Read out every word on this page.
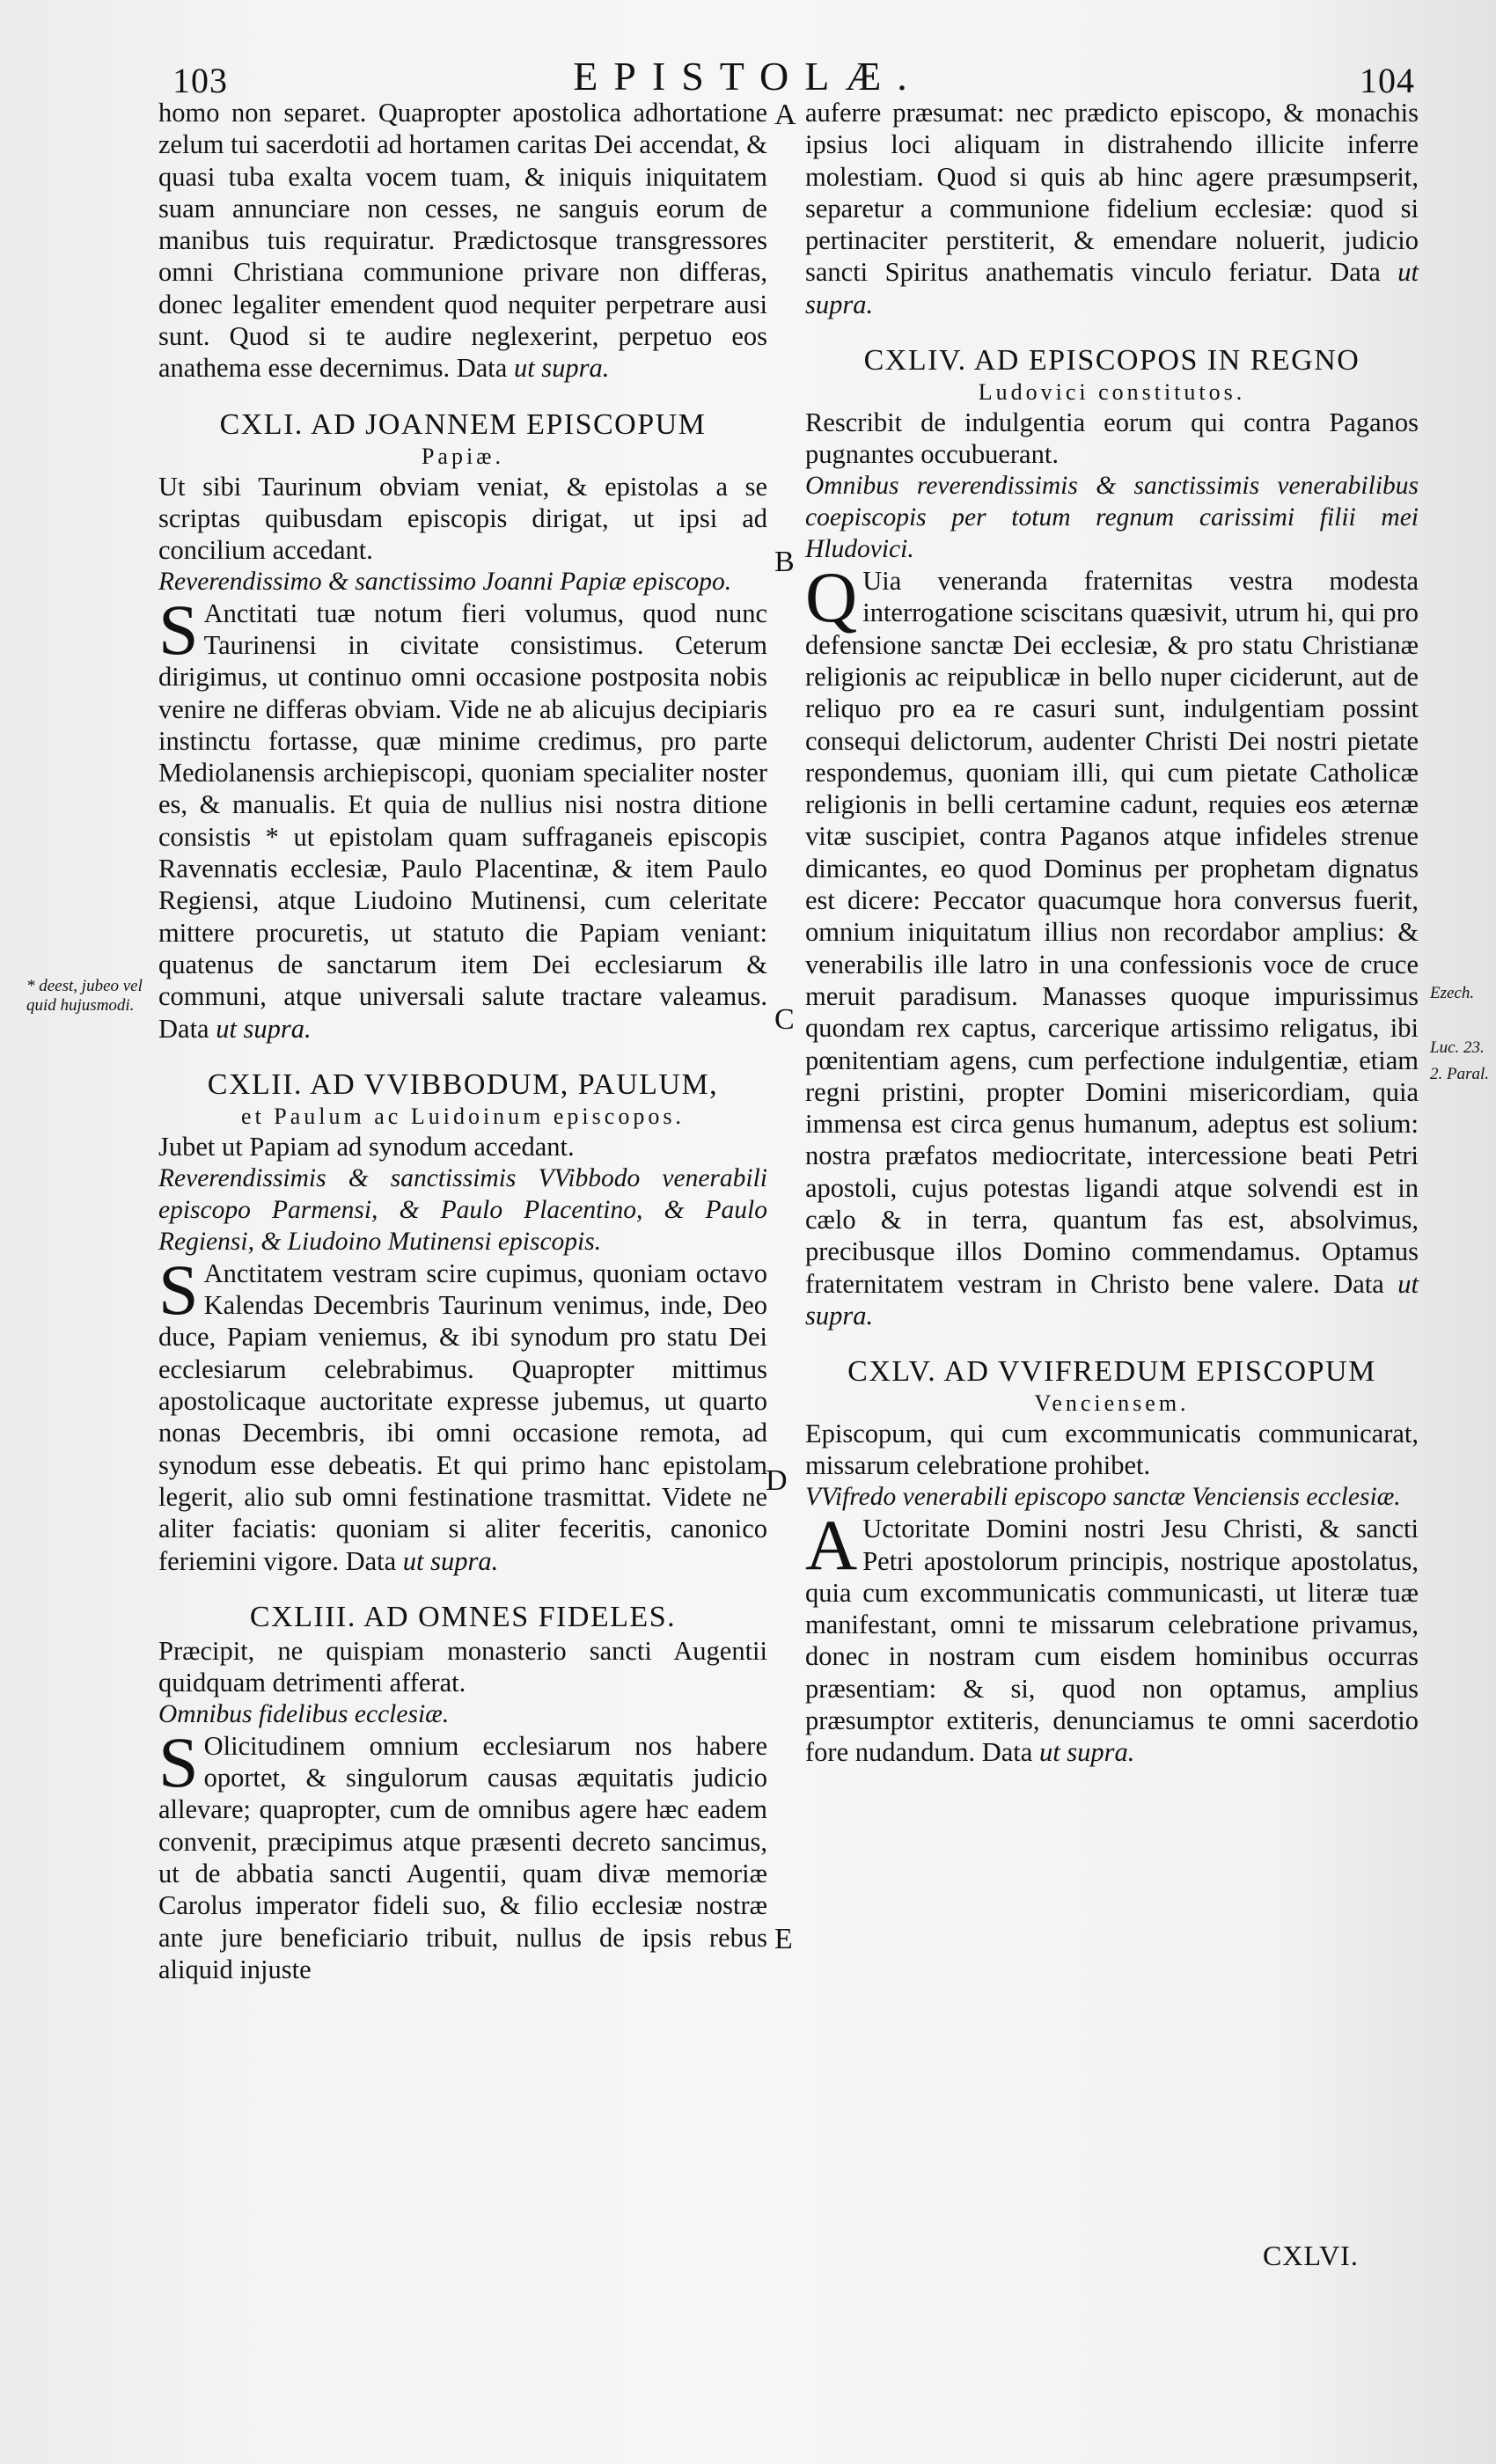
103	EPISTOLÆ.	104

homo non separet. Quapropter apostolica adhortatione zelum tui sacerdotii ad hortamen caritas Dei accendat, & quasi tuba exalta vocem tuam, & iniquis iniquitatem suam annunciare non cesses, ne sanguis eorum de manibus tuis requiratur. Prædictosque transgressores omni Christiana communione privare non differas, donec legaliter emendent quod nequiter perpetrare ausi sunt. Quod si te audire neglexerint, perpetuo eos anathema esse decernimus. Data ut supra.

CXLI. AD JOANNEM EPISCOPUM
Papiæ.

Ut sibi Taurinum obviam veniat, & epistolas a se scriptas quibusdam episcopis dirigat, ut ipsi ad concilium accedant.

Reverendissimo & sanctissimo Joanni Papiæ episcopo.

S Anctitati tuæ notum fieri volumus, quod nunc Taurinensi in civitate consistimus. Ceterum dirigimus, ut continuo omni occasione postposita nobis venire ne differas obviam. Vide ne ab alicujus decipiaris instinctu fortasse, quæ minime credimus, pro parte Mediolanensis archiepiscopi, quoniam specialiter noster es, & manualis. Et quia de nullius nisi nostra ditione consistis * ut epistolam quam suffraganeis episcopis Ravennatis ecclesiæ, Paulo Placentinæ, & item Paulo Regiensi, atque Liudoino Mutinensi, cum celeritate mittere procuretis, ut statuto die Papiam veniant: quatenus de sanctarum item Dei ecclesiarum & communi, atque universali salute tractare valeamus. Data ut supra.

CXLII. AD VVIBBODUM, PAULUM,
et Paulum ac Luidoinum episcopos.

Jubet ut Papiam ad synodum accedant.

Reverendissimis & sanctissimis VVibbodo venerabili episcopo Parmensi, & Paulo Placentino, & Paulo Regiensi, & Liudoino Mutinensi episcopis.

S Anctitatem vestram scire cupimus, quoniam octavo Kalendas Decembris Taurinum venimus, inde, Deo duce, Papiam veniemus, & ibi synodum pro statu Dei ecclesiarum celebrabimus. Quapropter mittimus apostolicaque auctoritate expresse jubemus, ut quarto nonas Decembris, ibi omni occasione remota, ad synodum esse debeatis. Et qui primo hanc epistolam legerit, alio sub omni festinatione trasmittat. Videte ne aliter faciatis: quoniam si aliter feceritis, canonico feriemini vigore. Data ut supra.

CXLIII. AD OMNES FIDELES.

Præcipit, ne quispiam monasterio sancti Augentii quidquam detrimenti afferat.

Omnibus fidelibus ecclesiæ.

S Olicitudinem omnium ecclesiarum nos habere oportet, & singulorum causas æquitatis judicio allevare; quapropter, cum de omnibus agere hæc eadem convenit, præcipimus atque præsenti decreto sancimus, ut de abbatia sancti Augentii, quam divæ memoriæ Carolus imperator fideli suo, & filio ecclesiæ nostræ ante jure beneficiario tribuit, nullus de ipsis rebus aliquid injuste

* deest, jubeo vel quid hujusmodi.

auferre præsumat: nec prædicto episcopo, & monachis ipsius loci aliquam in distrahendo illicite inferre molestiam. Quod si quis ab hinc agere præsumpserit, separetur a communione fidelium ecclesiæ: quod si pertinaciter perstiterit, & emendare noluerit, judicio sancti Spiritus anathematis vinculo feriatur. Data ut supra.

CXLIV. AD EPISCOPOS IN REGNO
Ludovici constitutos.

Rescribit de indulgentia eorum qui contra Paganos pugnantes occubuerant.

Omnibus reverendissimis & sanctissimis venerabilibus coepiscopis per totum regnum carissimi filii mei Hludovici.

Q Uia veneranda fraternitas vestra modesta interrogatione sciscitans quæsivit, utrum hi, qui pro defensione sanctæ Dei ecclesiæ, & pro statu Christianæ religionis ac reipublicæ in bello nuper ciciderunt, aut de reliquo pro ea re casuri sunt, indulgentiam possint consequi delictorum, audenter Christi Dei nostri pietate respondemus, quoniam illi, qui cum pietate Catholicæ religionis in belli certamine cadunt, requies eos æternæ vitæ suscipiet, contra Paganos atque infideles strenue dimicantes, eo quod Dominus per prophetam dignatus est dicere: Peccator quacumque hora conversus fuerit, omnium iniquitatum illius non recordabor amplius: & venerabilis ille latro in una confessionis voce de cruce meruit paradisum. Manasses quoque impurissimus quondam rex captus, carcerique artissimo religatus, ibi pœnitentiam agens, cum perfectione indulgentiæ, etiam regni pristini, propter Domini misericordiam, quia immensa est circa genus humanum, adeptus est solium: nostra præfatos mediocritate, intercessione beati Petri apostoli, cujus potestas ligandi atque solvendi est in cælo & in terra, quantum fas est, absolvimus, precibusque illos Domino commendamus. Optamus fraternitatem vestram in Christo bene valere. Data ut supra.

CXLV. AD VVIFREDUM EPISCOPUM
Venciensem.

Episcopum, qui cum excommunicatis communicarat, missarum celebratione prohibet.

VVifredo venerabili episcopo sanctæ Venciensis ecclesiæ.

A Uctoritate Domini nostri Jesu Christi, & sancti Petri apostolorum principis, nostrique apostolatus, quia cum excommunicatis communicasti, ut literæ tuæ manifestant, omni te missarum celebratione privamus, donec in nostram cum eisdem hominibus occurras præsentiam: & si, quod non optamus, amplius præsumptor extiteris, denunciamus te omni sacerdotio fore nudandum. Data ut supra.

Ezech.
Luc. 23.
2. Paral.
A
B
C
D
E
CXLVI.
